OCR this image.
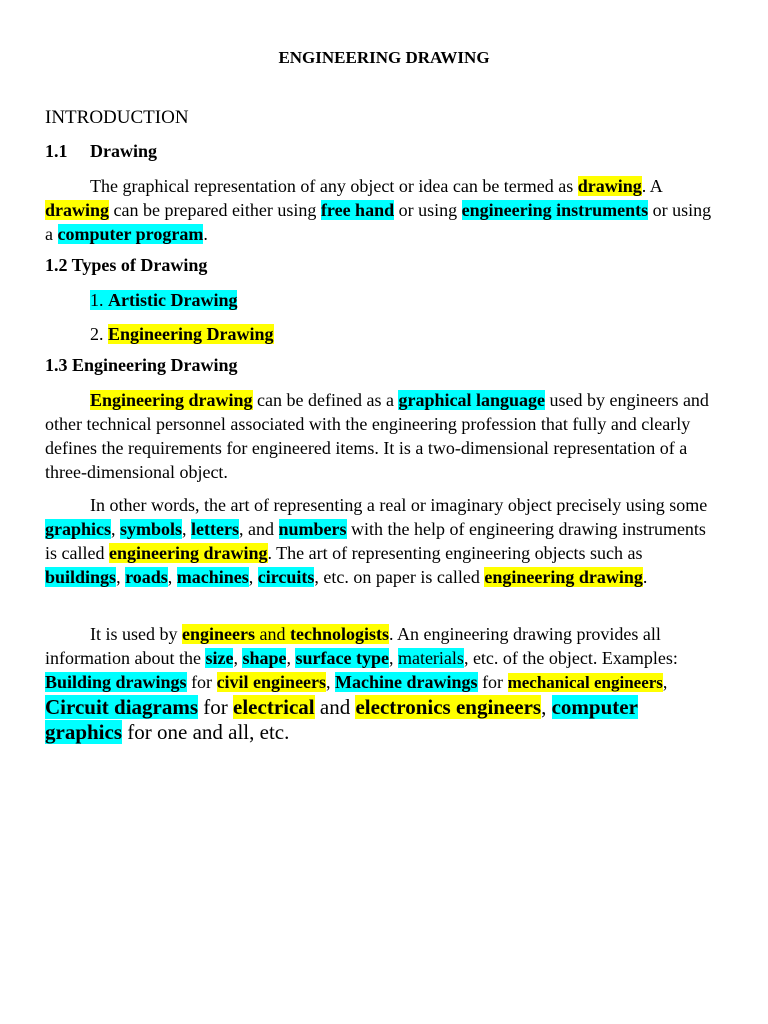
ENGINEERING DRAWING
INTRODUCTION
1.1 Drawing

The graphical representation of any object or idea can be termed as drawing. A drawing can be prepared either using free hand or using engineering instruments or using a computer program.

1.2 Types of Drawing
1. Artistic Drawing
2. Engineering Drawing
1.3 Engineering Drawing

Engineering drawing can be defined as a graphical language used by engineers and other technical personnel associated with the engineering profession that fully and clearly defines the requirements for engineered items. It is a two-dimensional representation of a three-dimensional object.

In other words, the art of representing a real or imaginary object precisely using some graphics, symbols, letters, and numbers with the help of engineering drawing instruments is called engineering drawing. The art of representing engineering objects such as buildings, roads, machines, circuits, etc. on paper is called engineering drawing.

It is used by engineers and technologists. An engineering drawing provides all information about the size, shape, surface type, materials, etc. of the object. Examples: Building drawings for civil engineers, Machine drawings for mechanical engineers, Circuit diagrams for electrical and electronics engineers, computer graphics for one and all, etc.
